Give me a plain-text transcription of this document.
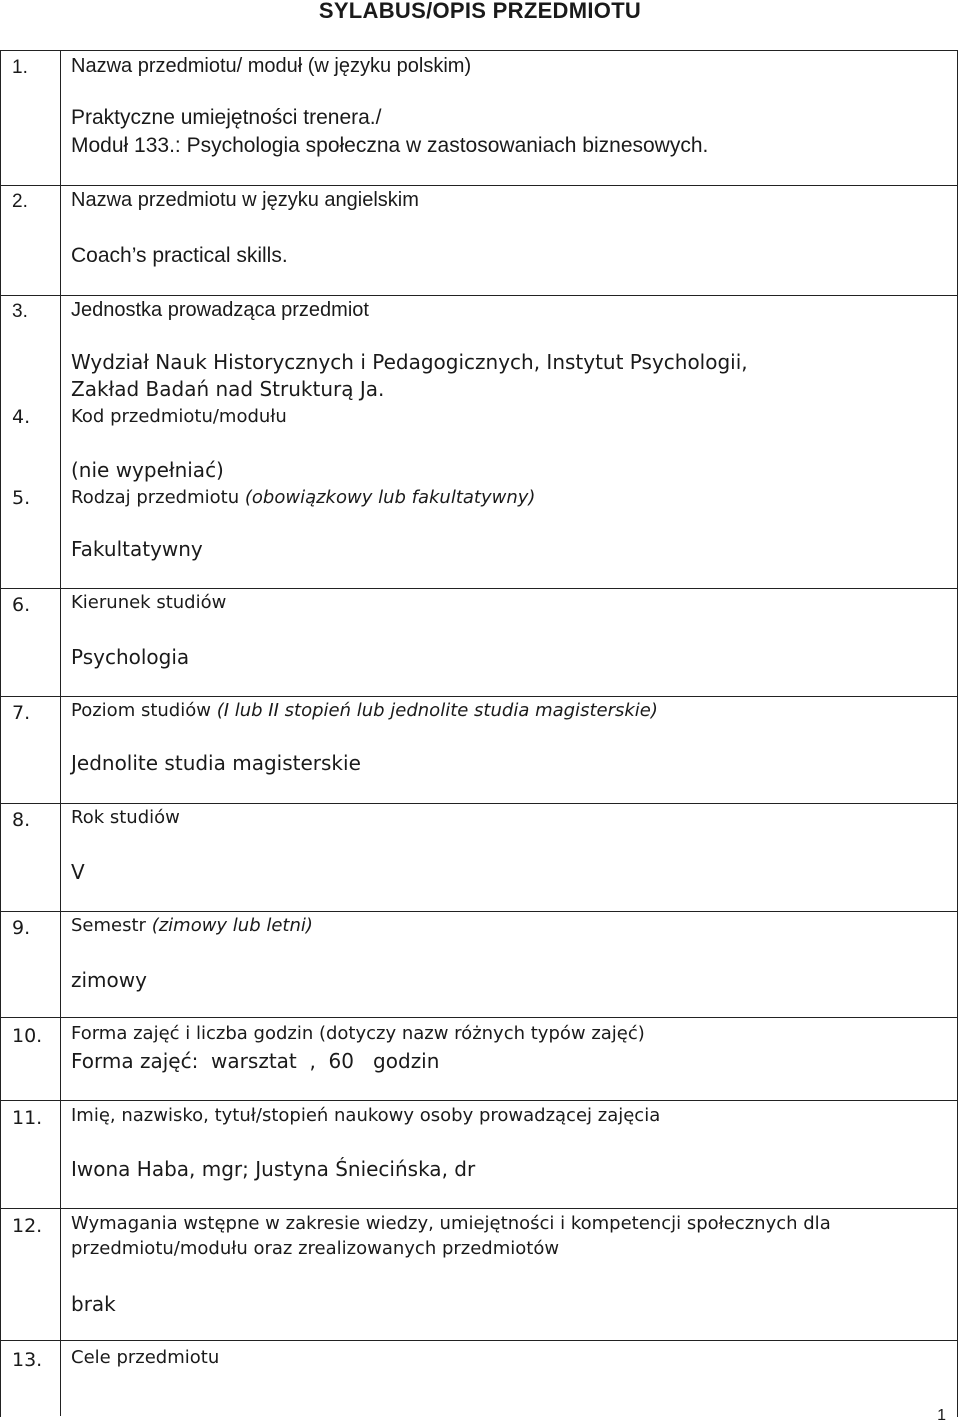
SYLABUS/OPIS PRZEDMIOTU
1. Nazwa przedmiotu/ moduł (w języku polskim)
Praktyczne umiejętności trenera./
Moduł 133.: Psychologia społeczna w zastosowaniach biznesowych.
2. Nazwa przedmiotu w języku angielskim
Coach’s practical skills.
3. Jednostka prowadząca przedmiot
Wydział Nauk Historycznych i Pedagogicznych, Instytut Psychologii,
Zakład Badań nad Strukturą Ja.
4. Kod przedmiotu/modułu
(nie wypełniać)
5. Rodzaj przedmiotu (obowiązkowy lub fakultatywny)
Fakultatywny
6. Kierunek studiów
Psychologia
7. Poziom studiów (I lub II stopień lub jednolite studia magisterskie)
Jednolite studia magisterskie
8. Rok studiów
V
9. Semestr (zimowy lub letni)
zimowy
10. Forma zajęć i liczba godzin (dotyczy nazw różnych typów zajęć)
Forma zajęć:  warsztat  ,  60   godzin
11. Imię, nazwisko, tytuł/stopień naukowy osoby prowadzącej zajęcia
Iwona Haba, mgr; Justyna Śniecińska, dr
12. Wymagania wstępne w zakresie wiedzy, umiejętności i kompetencji społecznych dla
przedmiotu/modułu oraz zrealizowanych przedmiotów
brak
13. Cele przedmiotu
1
